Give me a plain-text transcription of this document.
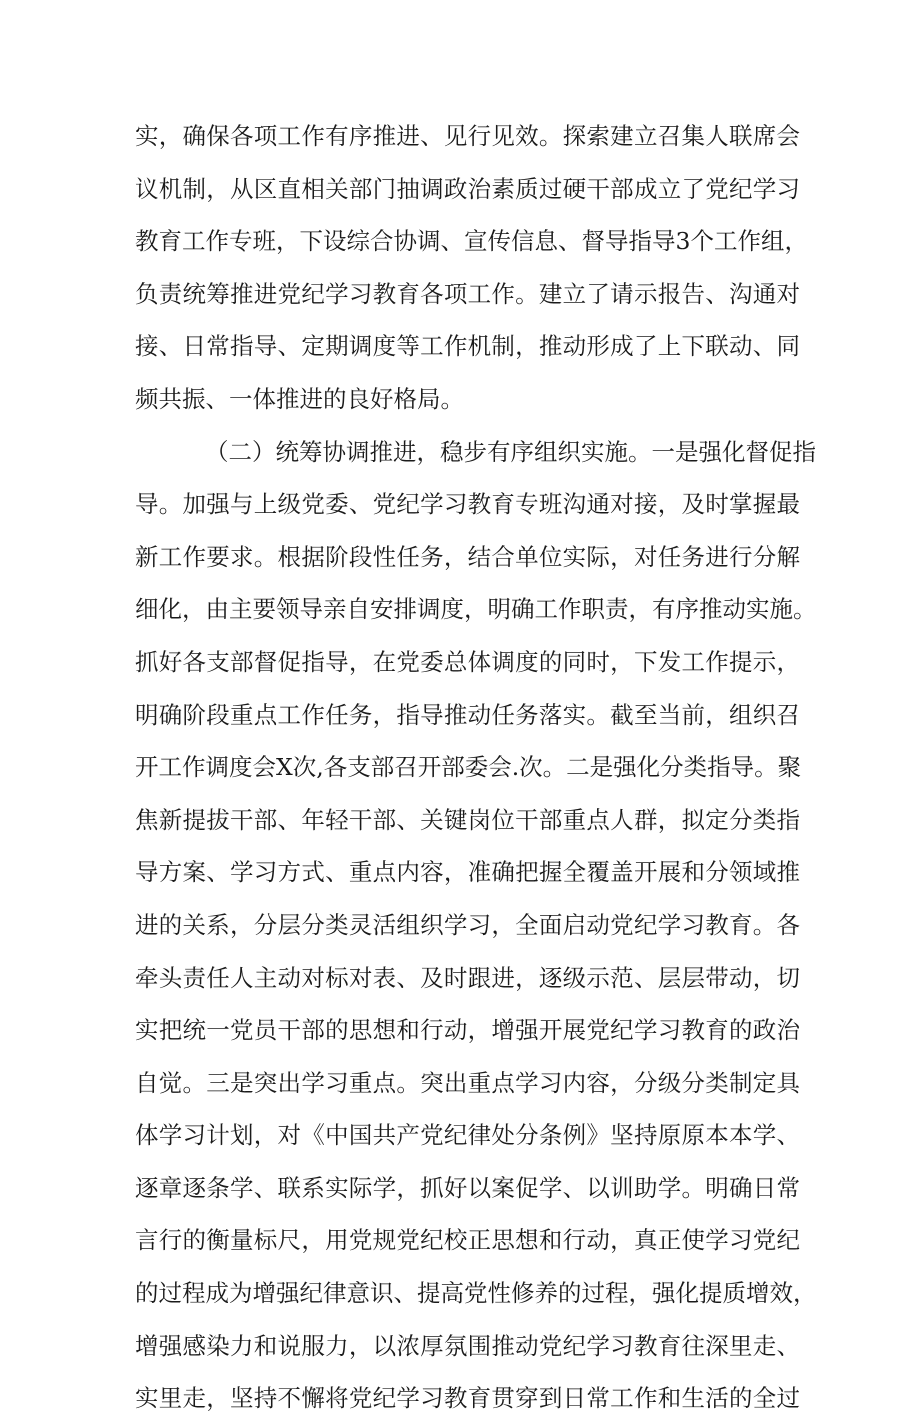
实，确保各项工作有序推进、见行见效。探索建立召集人联席会
议机制，从区直相关部门抽调政治素质过硬干部成立了党纪学习
教育工作专班，下设综合协调、宣传信息、督导指导3个工作组，
负责统筹推进党纪学习教育各项工作。建立了请示报告、沟通对
接、日常指导、定期调度等工作机制，推动形成了上下联动、同
频共振、一体推进的良好格局。
（二）统筹协调推进，稳步有序组织实施。一是强化督促指
导。加强与上级党委、党纪学习教育专班沟通对接，及时掌握最
新工作要求。根据阶段性任务，结合单位实际，对任务进行分解
细化，由主要领导亲自安排调度，明确工作职责，有序推动实施。
抓好各支部督促指导，在党委总体调度的同时，下发工作提示，
明确阶段重点工作任务，指导推动任务落实。截至当前，组织召
开工作调度会X次,各支部召开部委会.次。二是强化分类指导。聚
焦新提拔干部、年轻干部、关键岗位干部重点人群，拟定分类指
导方案、学习方式、重点内容，准确把握全覆盖开展和分领域推
进的关系，分层分类灵活组织学习，全面启动党纪学习教育。各
牵头责任人主动对标对表、及时跟进，逐级示范、层层带动，切
实把统一党员干部的思想和行动，增强开展党纪学习教育的政治
自觉。三是突出学习重点。突出重点学习内容，分级分类制定具
体学习计划，对《中国共产党纪律处分条例》坚持原原本本学、
逐章逐条学、联系实际学，抓好以案促学、以训助学。明确日常
言行的衡量标尺，用党规党纪校正思想和行动，真正使学习党纪
的过程成为增强纪律意识、提高党性修养的过程，强化提质增效，
增强感染力和说服力，以浓厚氛围推动党纪学习教育往深里走、
实里走，坚持不懈将党纪学习教育贯穿到日常工作和生活的全过
